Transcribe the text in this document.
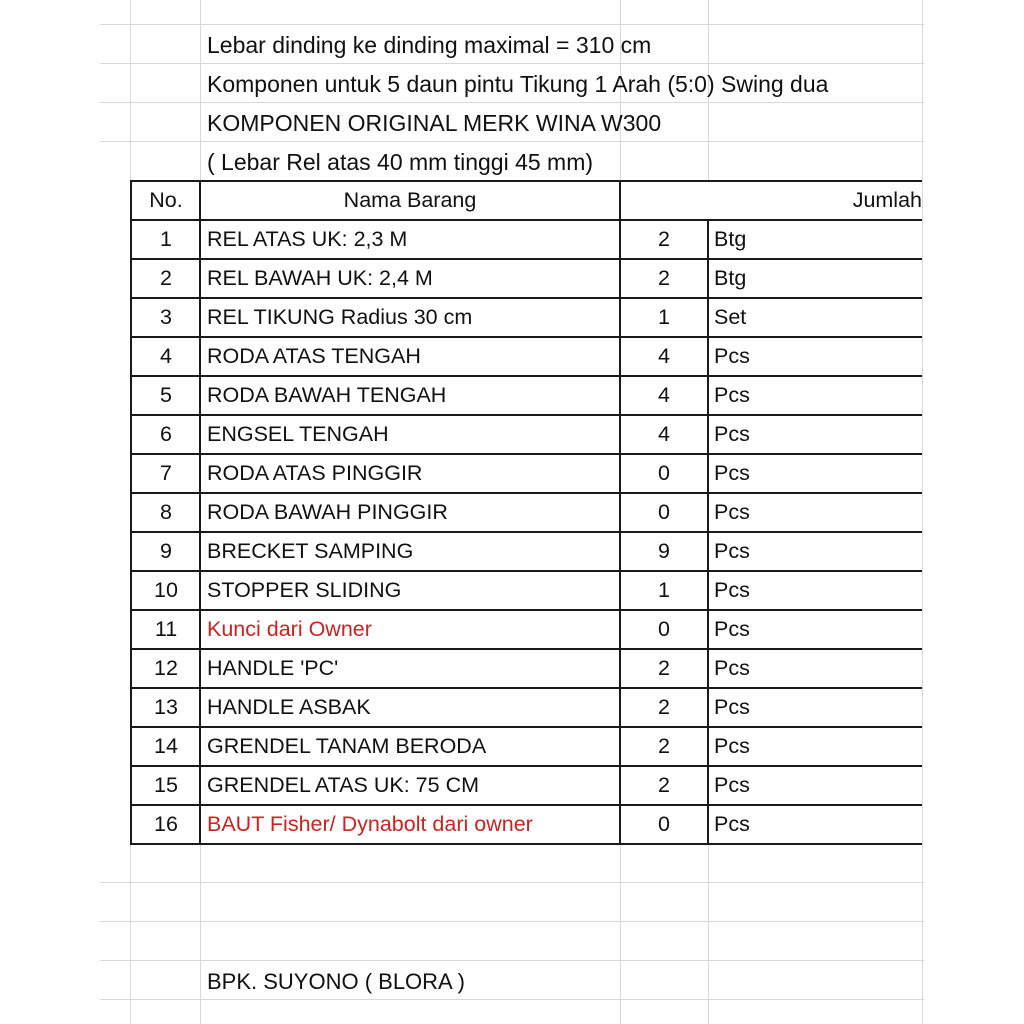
Lebar dinding ke dinding maximal = 310 cm
Komponen untuk 5 daun pintu Tikung 1 Arah (5:0) Swing dua
KOMPONEN ORIGINAL MERK WINA W300
( Lebar Rel atas 40 mm tinggi 45 mm)
No.	Nama Barang	Jumlah
1	REL ATAS UK: 2,3 M	2	Btg
2	REL BAWAH UK: 2,4 M	2	Btg
3	REL TIKUNG Radius 30 cm	1	Set
4	RODA ATAS TENGAH	4	Pcs
5	RODA BAWAH TENGAH	4	Pcs
6	ENGSEL TENGAH	4	Pcs
7	RODA ATAS PINGGIR	0	Pcs
8	RODA BAWAH PINGGIR	0	Pcs
9	BRECKET SAMPING	9	Pcs
10	STOPPER SLIDING	1	Pcs
11	Kunci dari Owner	0	Pcs
12	HANDLE 'PC'	2	Pcs
13	HANDLE ASBAK	2	Pcs
14	GRENDEL TANAM BERODA	2	Pcs
15	GRENDEL ATAS UK: 75 CM	2	Pcs
16	BAUT Fisher/ Dynabolt dari owner	0	Pcs
BPK. SUYONO ( BLORA )
